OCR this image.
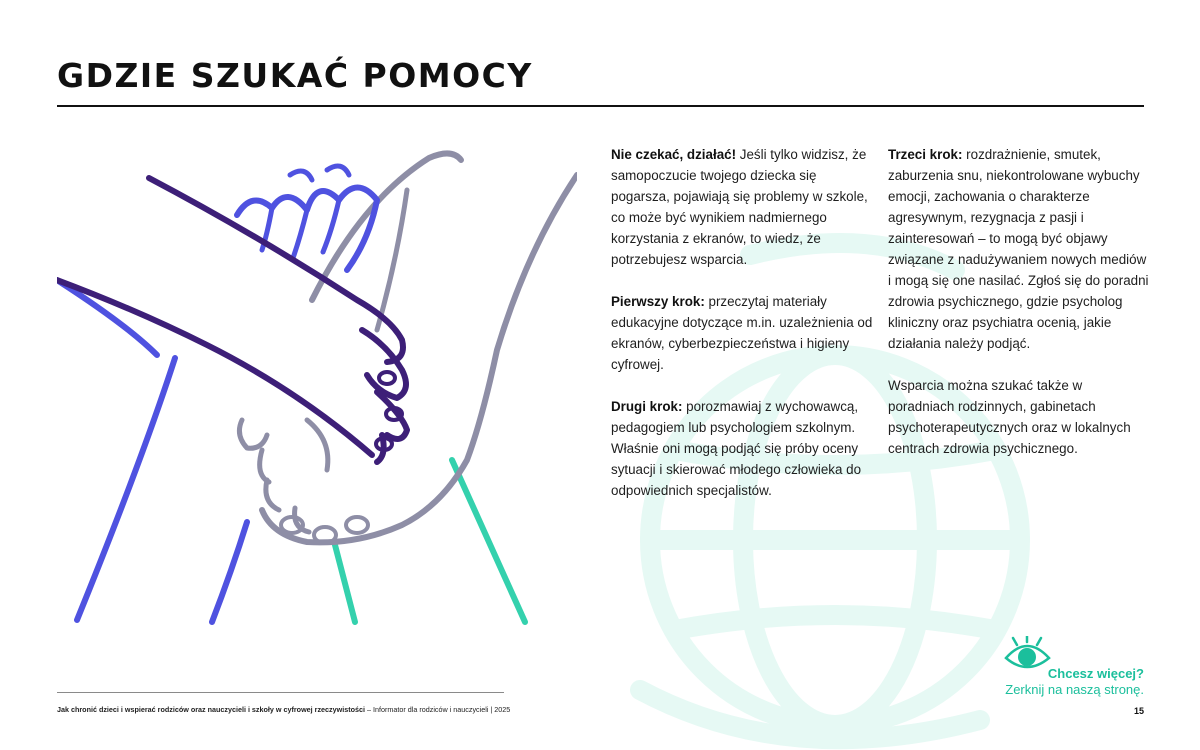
GDZIE SZUKAĆ POMOCY

Nie czekać, działać! Jeśli tylko widzisz, że samopoczucie twojego dziecka się pogarsza, pojawiają się problemy w szkole, co może być wynikiem nadmiernego korzystania z ekranów, to wiedz, że potrzebujesz wsparcia.

Pierwszy krok: przeczytaj materiały edukacyjne dotyczące m.in. uzależnienia od ekranów, cyberbezpieczeństwa i higieny cyfrowej.

Drugi krok: porozmawiaj z wychowawcą, pedagogiem lub psychologiem szkolnym. Właśnie oni mogą podjąć się próby oceny sytuacji i skierować młodego człowieka do odpowiednich specjalistów.

Trzeci krok: rozdrażnienie, smutek, zaburzenia snu, niekontrolowane wybuchy emocji, zachowania o charakterze agresywnym, rezygnacja z pasji i zainteresowań – to mogą być objawy związane z nadużywaniem nowych mediów i mogą się one nasilać. Zgłoś się do poradni zdrowia psychicznego, gdzie psycholog kliniczny oraz psychiatra ocenią, jakie działania należy podjąć.

Wsparcia można szukać także w poradniach rodzinnych, gabinetach psychoterapeutycznych oraz w lokalnych centrach zdrowia psychicznego.

Chcesz więcej?
Zerknij na naszą stronę.
Jak chronić dzieci i wspierać rodziców oraz nauczycieli i szkoły w cyfrowej rzeczywistości – Informator dla rodziców i nauczycieli | 2025	15
